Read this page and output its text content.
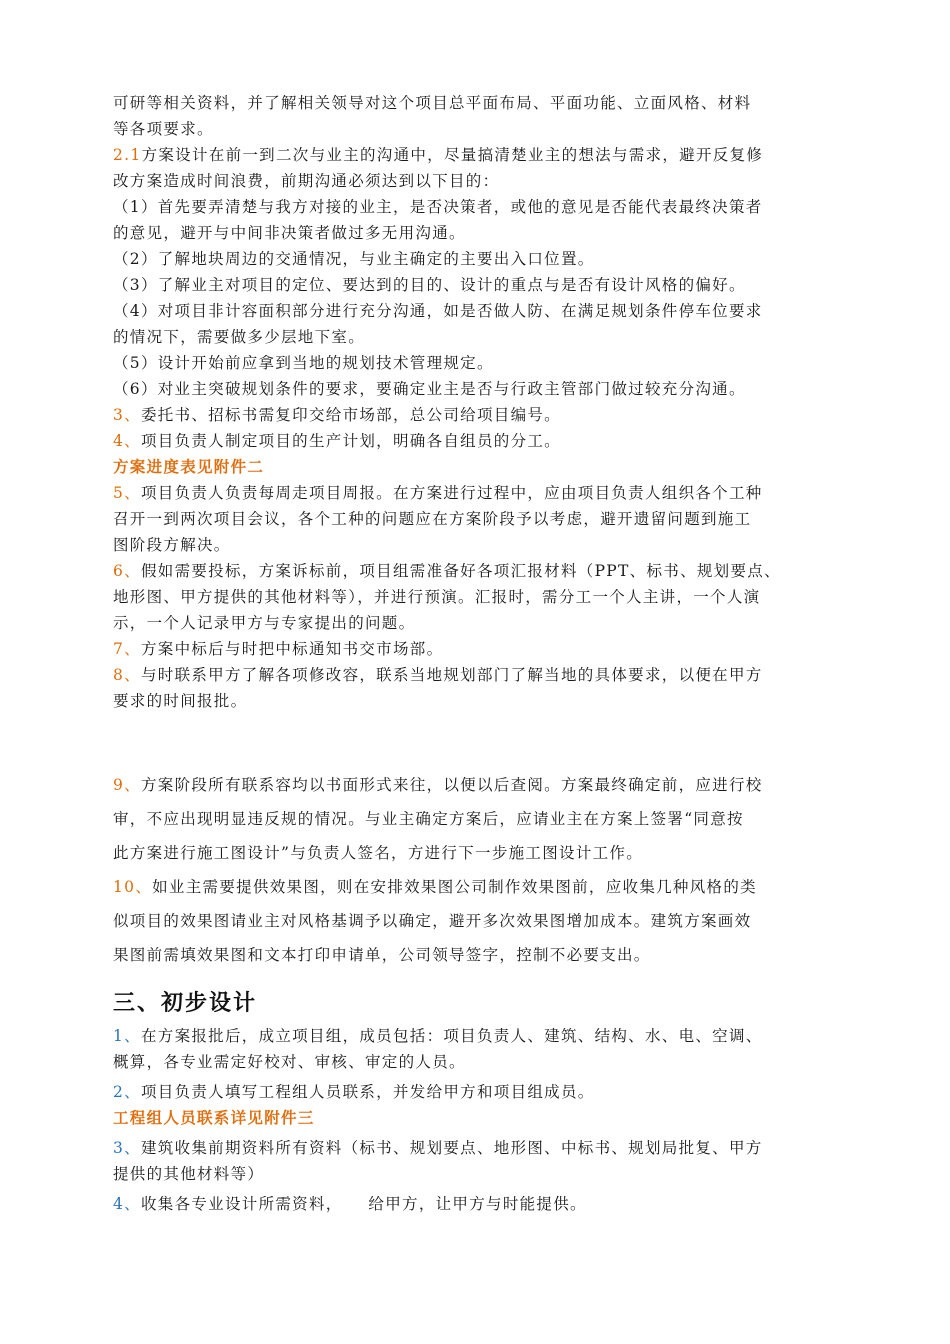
可研等相关资料，并了解相关领导对这个项目总平面布局、平面功能、立面风格、材料
等各项要求。
2.1方案设计在前一到二次与业主的沟通中，尽量搞清楚业主的想法与需求，避开反复修
改方案造成时间浪费，前期沟通必须达到以下目的：
（1）首先要弄清楚与我方对接的业主，是否决策者，或他的意见是否能代表最终决策者
的意见，避开与中间非决策者做过多无用沟通。
（2）了解地块周边的交通情况，与业主确定的主要出入口位置。
（3）了解业主对项目的定位、要达到的目的、设计的重点与是否有设计风格的偏好。
（4）对项目非计容面积部分进行充分沟通，如是否做人防、在满足规划条件停车位要求
的情况下，需要做多少层地下室。
（5）设计开始前应拿到当地的规划技术管理规定。
（6）对业主突破规划条件的要求，要确定业主是否与行政主管部门做过较充分沟通。
3、委托书、招标书需复印交给市场部，总公司给项目编号。
4、项目负责人制定项目的生产计划，明确各自组员的分工。
方案进度表见附件二
5、项目负责人负责每周走项目周报。在方案进行过程中，应由项目负责人组织各个工种
召开一到两次项目会议，各个工种的问题应在方案阶段予以考虑，避开遗留问题到施工
图阶段方解决。
6、假如需要投标，方案诉标前，项目组需准备好各项汇报材料（PPT、标书、规划要点、
地形图、甲方提供的其他材料等），并进行预演。汇报时，需分工一个人主讲，一个人演
示，一个人记录甲方与专家提出的问题。
7、方案中标后与时把中标通知书交市场部。
8、与时联系甲方了解各项修改容，联系当地规划部门了解当地的具体要求，以便在甲方
要求的时间报批。
9、方案阶段所有联系容均以书面形式来往，以便以后查阅。方案最终确定前，应进行校
审，不应出现明显违反规的情况。与业主确定方案后，应请业主在方案上签署“同意按
此方案进行施工图设计”与负责人签名，方进行下一步施工图设计工作。
10、如业主需要提供效果图，则在安排效果图公司制作效果图前，应收集几种风格的类
似项目的效果图请业主对风格基调予以确定，避开多次效果图增加成本。建筑方案画效
果图前需填效果图和文本打印申请单，公司领导签字，控制不必要支出。
三、初步设计
1、在方案报批后，成立项目组，成员包括：项目负责人、建筑、结构、水、电、空调、
概算，各专业需定好校对、审核、审定的人员。
2、项目负责人填写工程组人员联系，并发给甲方和项目组成员。
工程组人员联系详见附件三
3、建筑收集前期资料所有资料（标书、规划要点、地形图、中标书、规划局批复、甲方
提供的其他材料等）
4、收集各专业设计所需资料，　　给甲方，让甲方与时能提供。
